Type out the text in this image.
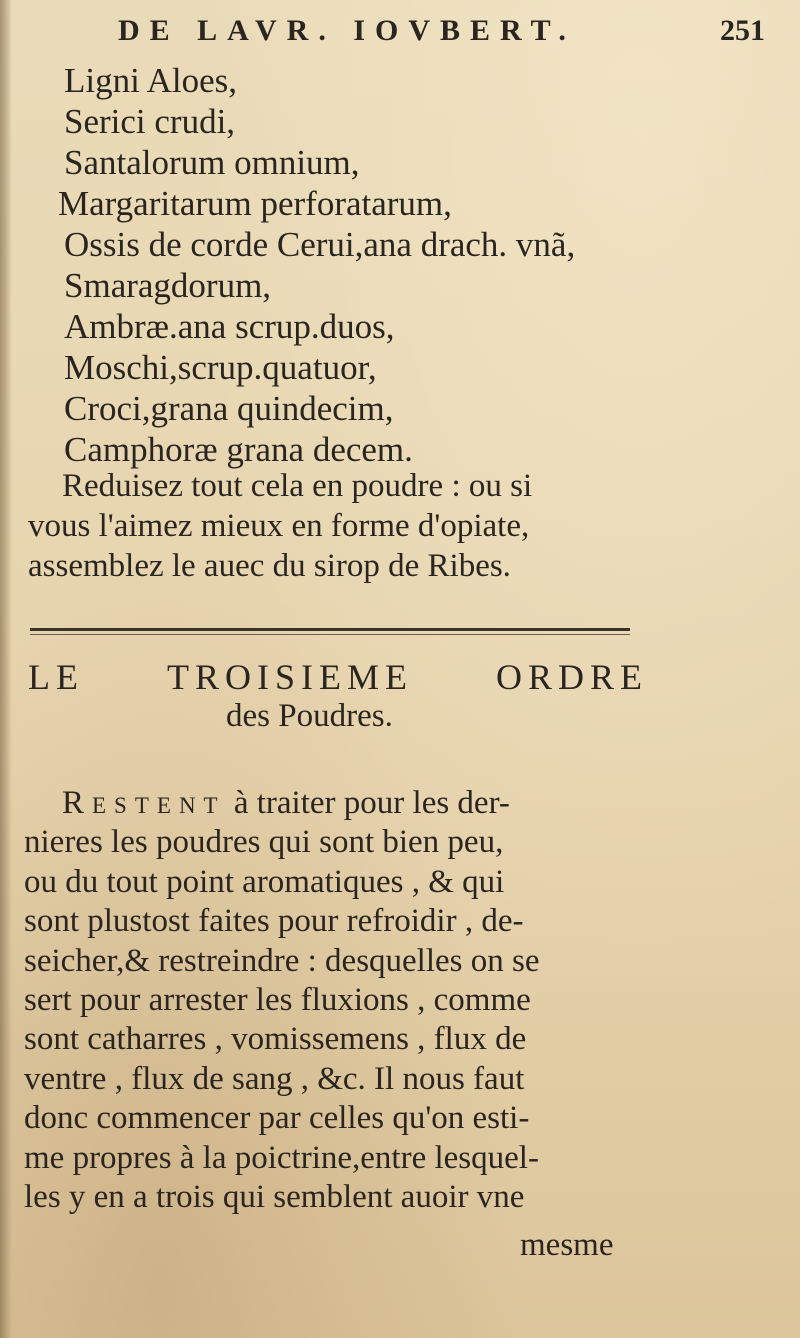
DE LAVR. IOVBERT.	251
Ligni Aloes,
Serici crudi,
Santalorum omnium,
Margaritarum perforatarum,
Ossis de corde Cerui,ana drach. vnã,
Smaragdorum,
Ambræ.ana scrup.duos,
Moschi,scrup.quatuor,
Croci,grana quindecim,
Camphoræ grana decem.
Reduisez tout cela en poudre : ou si
vous l'aimez mieux en forme d'opiate,
assemblez le auec du sirop de Ribes.
LE TROISIEME ORDRE
des Poudres.
Restent à traiter pour les der-
nieres les poudres qui sont bien peu,
ou du tout point aromatiques , & qui
sont plustost faites pour refroidir , de-
seicher,& restreindre : desquelles on se
sert pour arrester les fluxions , comme
sont catharres , vomissemens , flux de
ventre , flux de sang , &c. Il nous faut
donc commencer par celles qu'on esti-
me propres à la poictrine,entre lesquel-
les y en a trois qui semblent auoir vne
mesme
